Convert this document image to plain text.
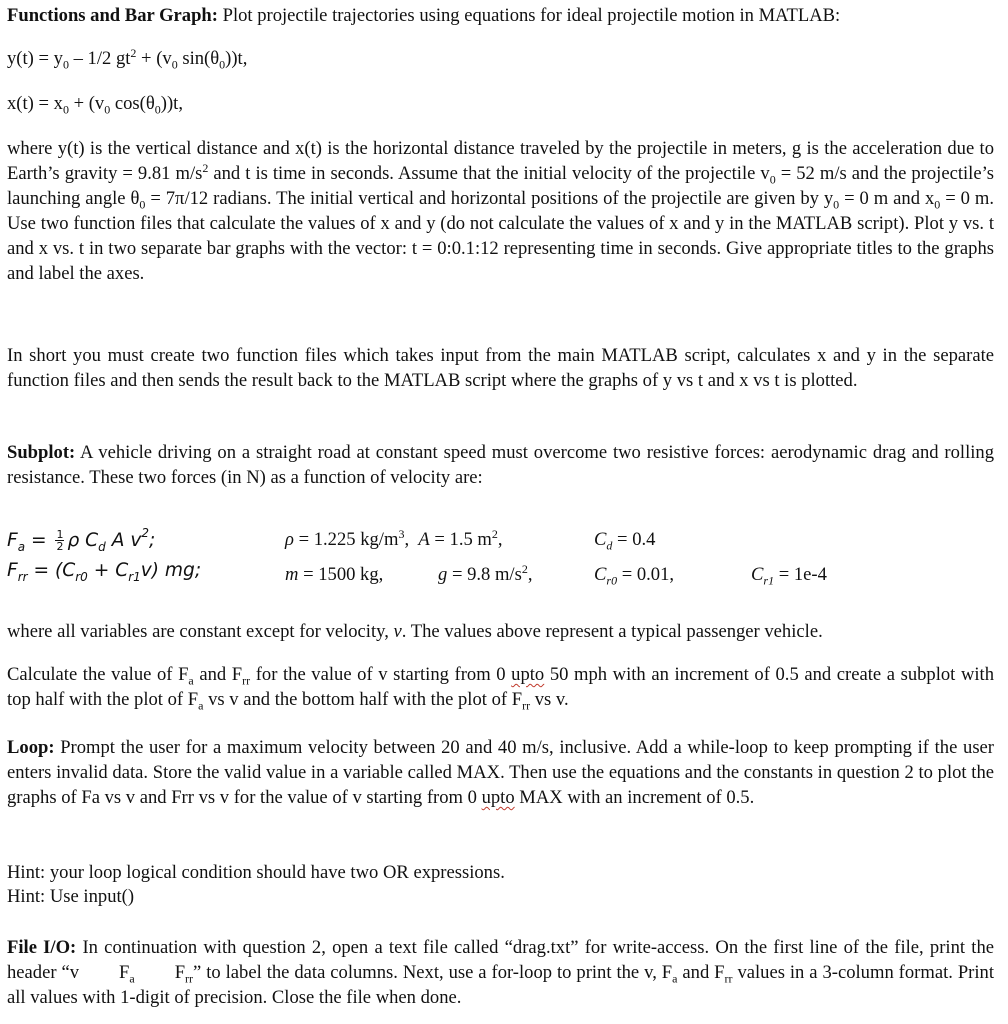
Functions and Bar Graph: Plot projectile trajectories using equations for ideal projectile motion in MATLAB:

$y(t) = y_0 - 1/2$ $gt^2 + (v_0$ $\sin(\theta_0))t$,

$x(t) = x_0 + (v_0$ $\cos(\theta_0))t$,

where y(t) is the vertical distance and x(t) is the horizontal distance traveled by the projectile in meters, g is the acceleration due to Earth’s gravity = 9.81 $m/s^2$ and t is time in seconds. Assume that the initial velocity of the projectile $v_0 = 52$ m/s and the projectile’s launching angle $\theta_0 = 7\pi/12$ radians. The initial vertical and horizontal positions of the projectile are given by $y_0 = 0$ m and $x_0 = 0$ m. Use two function files that calculate the values of x and y (do not calculate the values of x and y in the MATLAB script). Plot y vs. t and x vs. t in two separate bar graphs with the vector: t = 0:0.1:12 representing time in seconds. Give appropriate titles to the graphs and label the axes.

In short you must create two function files which takes input from the main MATLAB script, calculates x and y in the separate function files and then sends the result back to the MATLAB script where the graphs of y vs t and x vs t is plotted.

Subplot: A vehicle driving on a straight road at constant speed must overcome two resistive forces: aerodynamic drag and rolling resistance. These two forces (in N) as a function of velocity are:

$F_a = \frac{1}{2}$ ρ $C_d$ A $v^2$;
$F_{rr} = (C_{r0} + C_{r1}v)$ mg;
ρ = 1.225 $kg/m^3$,  A = 1.5 $m^2$,	$C_d = 0.4$
m = 1500 kg,	g = 9.8 $m/s^2$,	$C_{r0} = 0.01$,	$C_{r1} = 1e-4$

where all variables are constant except for velocity, v. The values above represent a typical passenger vehicle.

Calculate the value of $F_a$ and $F_{rr}$ for the value of v starting from 0 upto 50 mph with an increment of 0.5 and create a subplot with top half with the plot of $F_a$ vs v and the bottom half with the plot of $F_{rr}$ vs v.

Loop: Prompt the user for a maximum velocity between 20 and 40 m/s, inclusive. Add a while-loop to keep prompting if the user enters invalid data. Store the valid value in a variable called MAX. Then use the equations and the constants in question 2 to plot the graphs of Fa vs v and Frr vs v for the value of v starting from 0 upto MAX with an increment of 0.5.

Hint: your loop logical condition should have two OR expressions.

Hint: Use input()

File I/O: In continuation with question 2, open a text file called “drag.txt” for write-access. On the first line of the file, print the header “v $F_a$ $F_{rr}$” to label the data columns. Next, use a for-loop to print the v, $F_a$ and $F_{rr}$ values in a 3-column format. Print all values with 1-digit of precision. Close the file when done.
